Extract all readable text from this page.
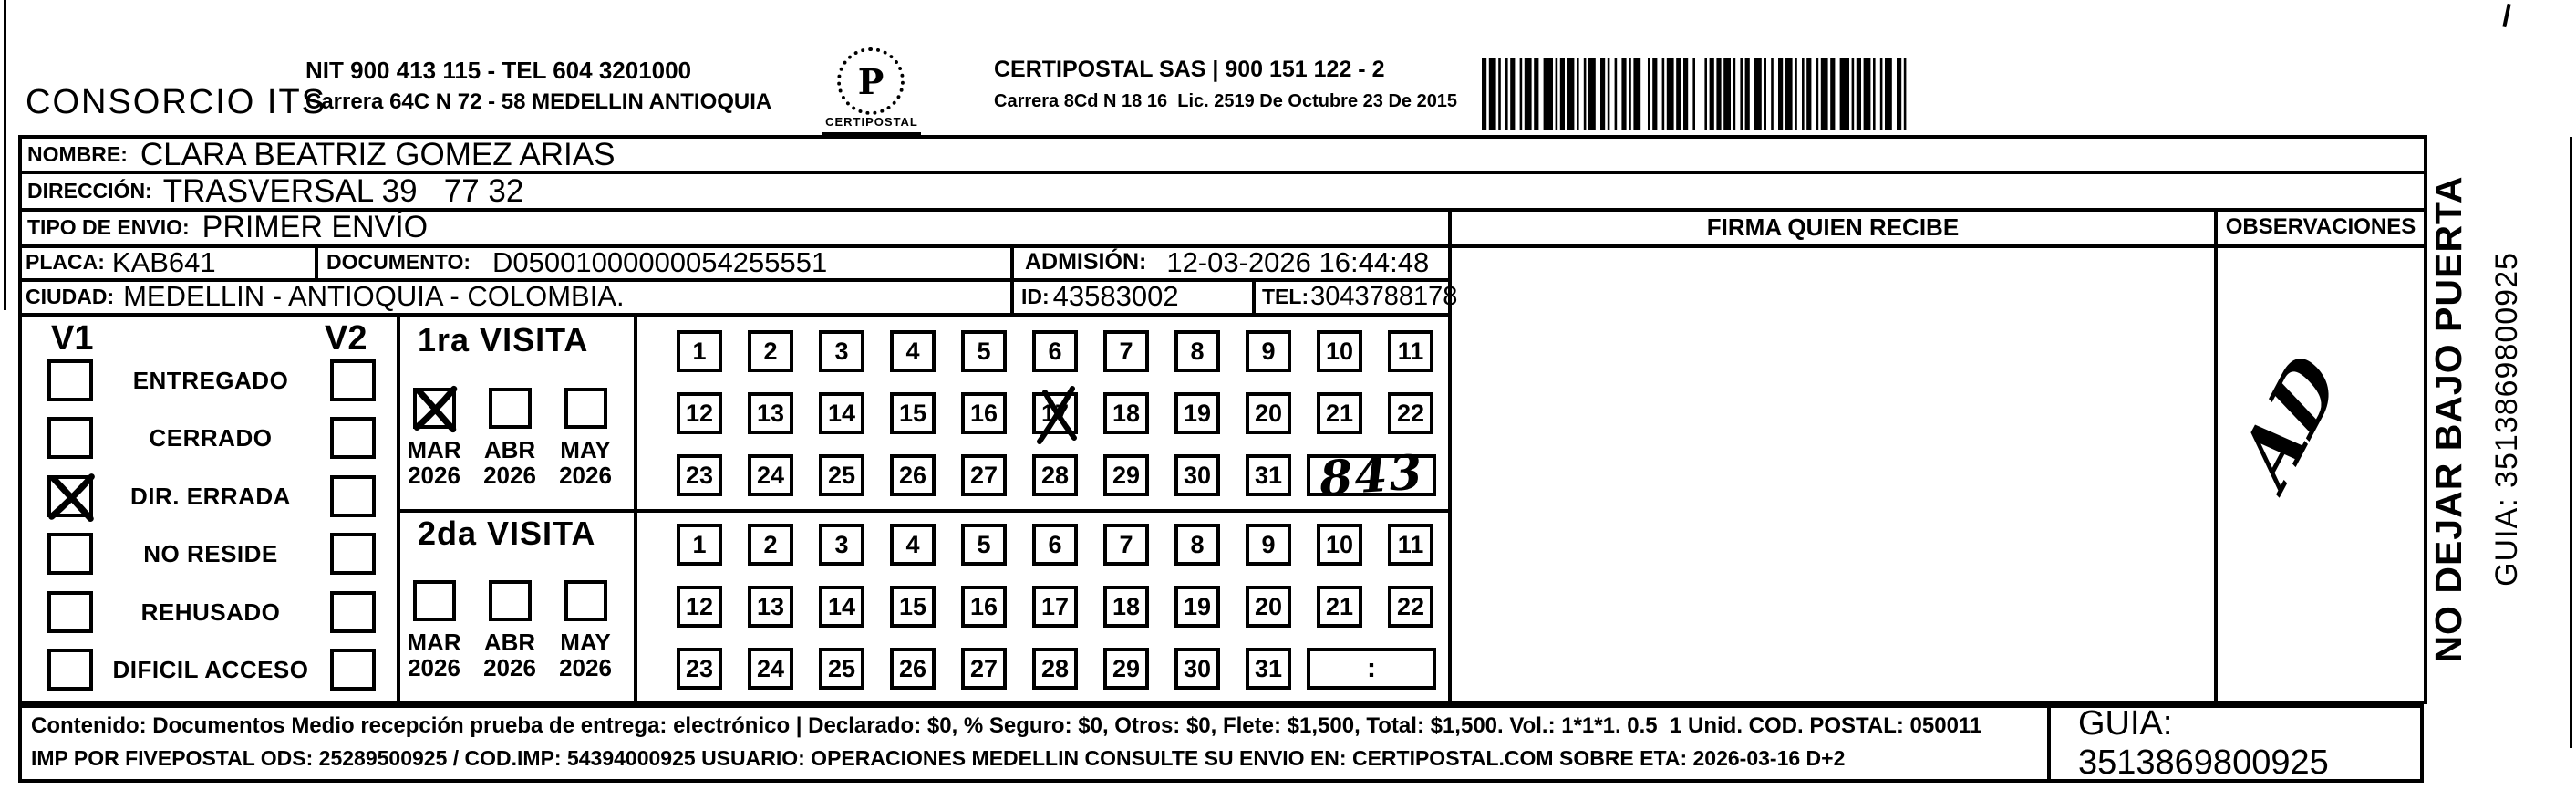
CONSORCIO ITS
NIT 900 413 115 - TEL 604 3201000
Carrera 64C N 72 - 58 MEDELLIN ANTIOQUIA P
CERTIPOSTAL
CERTIPOSTAL SAS | 900 151 122 - 2
Carrera 8Cd N 18 16  Lic. 2519 De Octubre 23 De 2015
NOMBRE: CLARA BEATRIZ GOMEZ ARIAS
DIRECCIÓN: TRASVERSAL 39   77 32
TIPO DE ENVIO: PRIMER ENVÍO	FIRMA QUIEN RECIBE	OBSERVACIONES
PLACA: KAB641	DOCUMENTO: D05001000000054255551	ADMISIÓN: 12-03-2026 16:44:48
CIUDAD: MEDELLIN - ANTIOQUIA - COLOMBIA.	ID: 43583002	TEL: 3043788178
V1	V2
ENTREGADO
CERRADO
DIR. ERRADA
NO RESIDE
REHUSADO
DIFICIL ACCESO
1ra VISITA
MAR
2026
ABR
2026
MAY
2026
1	2	3	4	5	6	7	8	9	10	11
12	13	14	15	16	17	18	19	20	21	22
23	24	25	26	27	28	29	30	31 843
2da VISITA
MAR
2026
ABR
2026
MAY
2026
1	2	3	4	5	6	7	8	9	10	11
12	13	14	15	16	17	18	19	20	21	22
23	24	25	26	27	28	29	30	31	:
AD NO DEJAR BAJO PUERTA GUIA: 3513869800925
Contenido: Documentos Medio recepción prueba de entrega: electrónico | Declarado: $0, % Seguro: $0, Otros: $0, Flete: $1,500, Total: $1,500. Vol.: 1*1*1. 0.5  1 Unid. COD. POSTAL: 050011
IMP POR FIVEPOSTAL ODS: 25289500925 / COD.IMP: 54394000925 USUARIO: OPERACIONES MEDELLIN CONSULTE SU ENVIO EN: CERTIPOSTAL.COM SOBRE ETA: 2026-03-16 D+2
GUIA: 3513869800925
